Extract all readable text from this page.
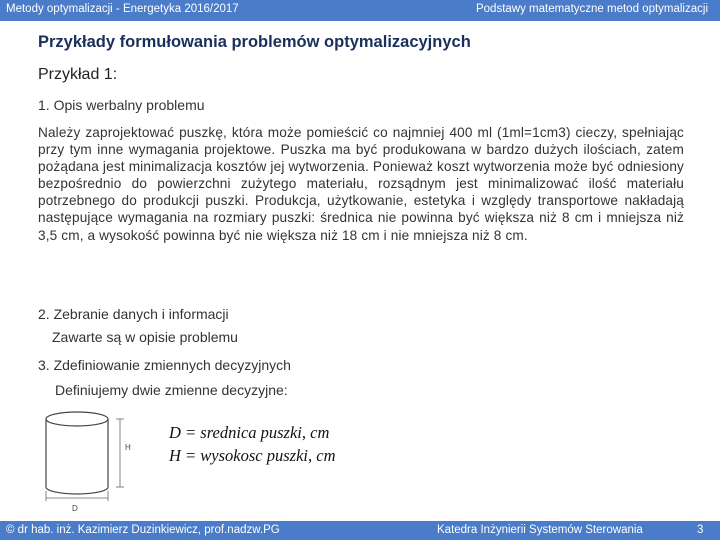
Metody optymalizacji - Energetyka 2016/2017	Podstawy matematyczne metod optymalizacji
Przykłady formułowania problemów optymalizacyjnych
Przykład 1:
1. Opis werbalny problemu
Należy zaprojektować puszkę, która może pomieścić co najmniej 400 ml (1ml=1cm3) cieczy, spełniając przy tym inne wymagania projektowe. Puszka ma być produkowana w bardzo dużych ilościach, zatem pożądana jest minimalizacja kosztów jej wytworzenia. Ponieważ koszt wytworzenia może być odniesiony bezpośrednio do powierzchni zużytego materiału, rozsądnym jest minimalizować ilość materiału potrzebnego do produkcji puszki. Produkcja, użytkowanie, estetyka i względy transportowe nakładają następujące wymagania na rozmiary puszki: średnica nie powinna być większa niż 8 cm i mniejsza niż 3,5 cm, a wysokość powinna być nie większa niż 18 cm i nie mniejsza niż 8 cm.
2. Zebranie danych i informacji
Zawarte są w opisie problemu
3. Zdefiniowanie zmiennych decyzyjnych
Definiujemy dwie zmienne decyzyjne:
H
D
D = srednica puszki, cm
H = wysokosc puszki, cm
© dr hab. inż. Kazimierz Duzinkiewicz, prof.nadzw.PG	Katedra Inżynierii Systemów Sterowania	3
